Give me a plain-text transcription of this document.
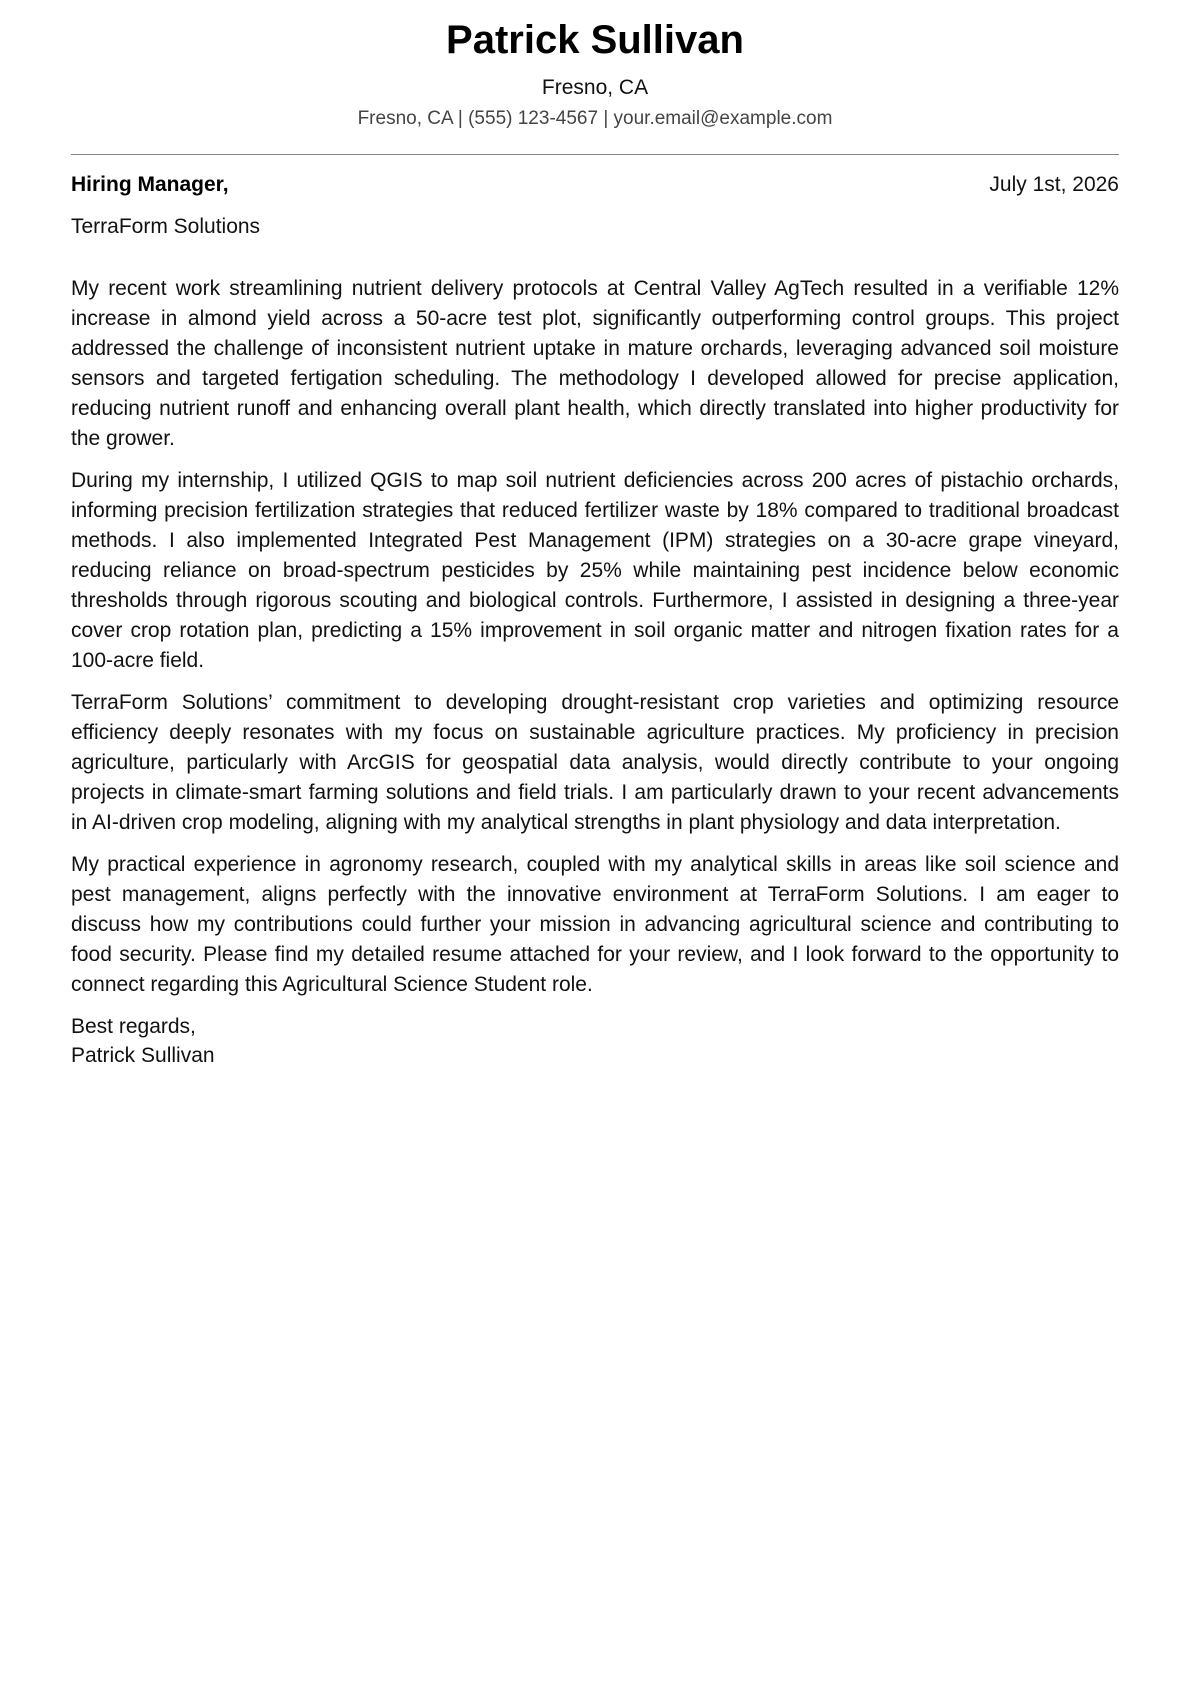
Patrick Sullivan
Fresno, CA
Fresno, CA | (555) 123-4567 | your.email@example.com
Hiring Manager,	July 1st, 2026
TerraForm Solutions

My recent work streamlining nutrient delivery protocols at Central Valley AgTech resulted in a verifiable 12% increase in almond yield across a 50-acre test plot, significantly outperforming control groups. This project addressed the challenge of inconsistent nutrient uptake in mature orchards, leveraging advanced soil moisture sensors and targeted fertigation scheduling. The methodology I developed allowed for precise application, reducing nutrient runoff and enhancing overall plant health, which directly translated into higher productivity for the grower.

During my internship, I utilized QGIS to map soil nutrient deficiencies across 200 acres of pistachio orchards, informing precision fertilization strategies that reduced fertilizer waste by 18% compared to traditional broadcast methods. I also implemented Integrated Pest Management (IPM) strategies on a 30-acre grape vineyard, reducing reliance on broad-spectrum pesticides by 25% while maintaining pest incidence below economic thresholds through rigorous scouting and biological controls. Furthermore, I assisted in designing a three-year cover crop rotation plan, predicting a 15% improvement in soil organic matter and nitrogen fixation rates for a 100-acre field.

TerraForm Solutions’ commitment to developing drought-resistant crop varieties and optimizing resource efficiency deeply resonates with my focus on sustainable agriculture practices. My proficiency in precision agriculture, particularly with ArcGIS for geospatial data analysis, would directly contribute to your ongoing projects in climate-smart farming solutions and field trials. I am particularly drawn to your recent advancements in AI-driven crop modeling, aligning with my analytical strengths in plant physiology and data interpretation.

My practical experience in agronomy research, coupled with my analytical skills in areas like soil science and pest management, aligns perfectly with the innovative environment at TerraForm Solutions. I am eager to discuss how my contributions could further your mission in advancing agricultural science and contributing to food security. Please find my detailed resume attached for your review, and I look forward to the opportunity to connect regarding this Agricultural Science Student role.

Best regards,
Patrick Sullivan
